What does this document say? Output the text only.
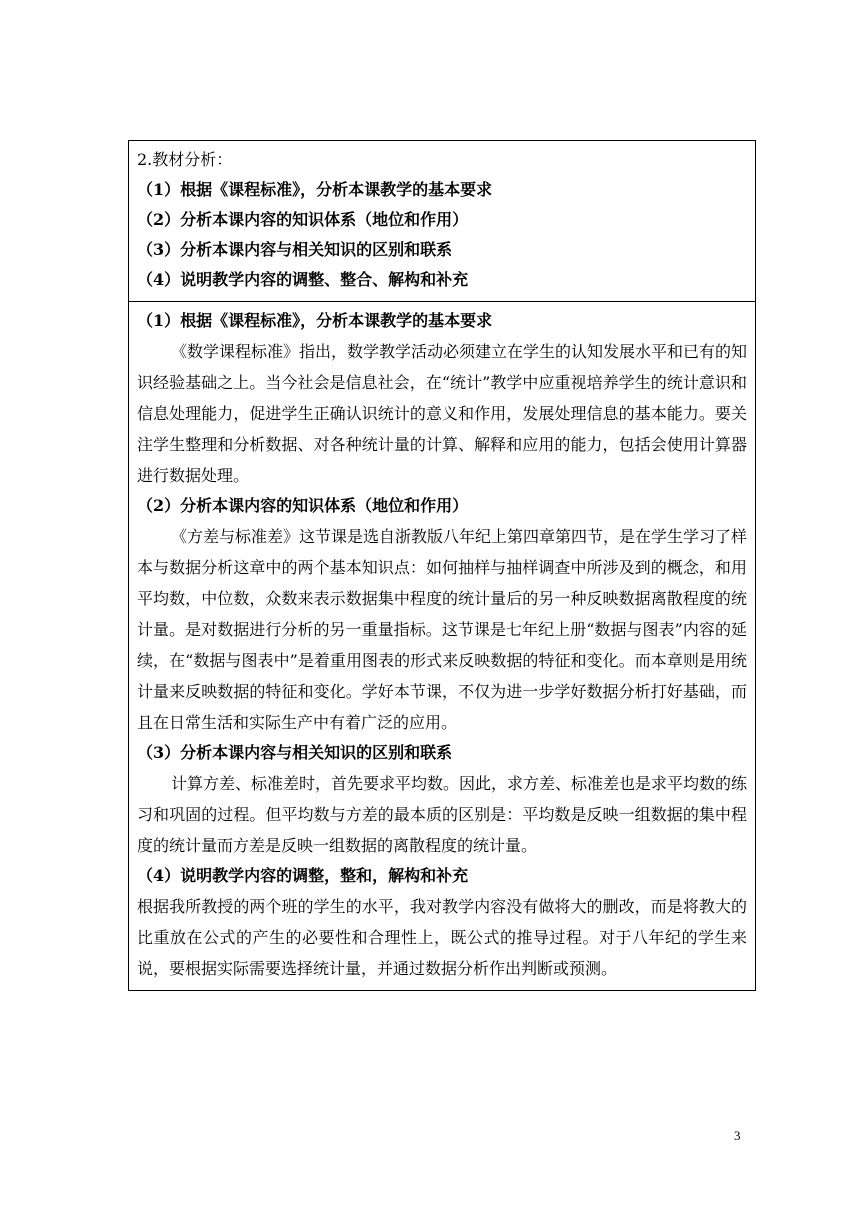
2.教材分析：
（1）根据《课程标准》，分析本课教学的基本要求
（2）分析本课内容的知识体系（地位和作用）
（3）分析本课内容与相关知识的区别和联系
（4）说明教学内容的调整、整合、解构和补充
（1）根据《课程标准》，分析本课教学的基本要求
《数学课程标准》指出，数学教学活动必须建立在学生的认知发展水平和已有的知识经验基础之上。当今社会是信息社会，在“统计”教学中应重视培养学生的统计意识和信息处理能力，促进学生正确认识统计的意义和作用，发展处理信息的基本能力。要关注学生整理和分析数据、对各种统计量的计算、解释和应用的能力，包括会使用计算器进行数据处理。
（2）分析本课内容的知识体系（地位和作用）
《方差与标准差》这节课是选自浙教版八年纪上第四章第四节，是在学生学习了样本与数据分析这章中的两个基本知识点：如何抽样与抽样调查中所涉及到的概念，和用平均数，中位数，众数来表示数据集中程度的统计量后的另一种反映数据离散程度的统计量。是对数据进行分析的另一重量指标。这节课是七年纪上册“数据与图表”内容的延续，在“数据与图表中”是着重用图表的形式来反映数据的特征和变化。而本章则是用统计量来反映数据的特征和变化。学好本节课，不仅为进一步学好数据分析打好基础，而且在日常生活和实际生产中有着广泛的应用。
（3）分析本课内容与相关知识的区别和联系
计算方差、标准差时，首先要求平均数。因此，求方差、标准差也是求平均数的练习和巩固的过程。但平均数与方差的最本质的区别是：平均数是反映一组数据的集中程度的统计量而方差是反映一组数据的离散程度的统计量。
（4）说明教学内容的调整，整和，解构和补充
根据我所教授的两个班的学生的水平，我对教学内容没有做将大的删改，而是将教大的比重放在公式的产生的必要性和合理性上，既公式的推导过程。对于八年纪的学生来说，要根据实际需要选择统计量，并通过数据分析作出判断或预测。
3
